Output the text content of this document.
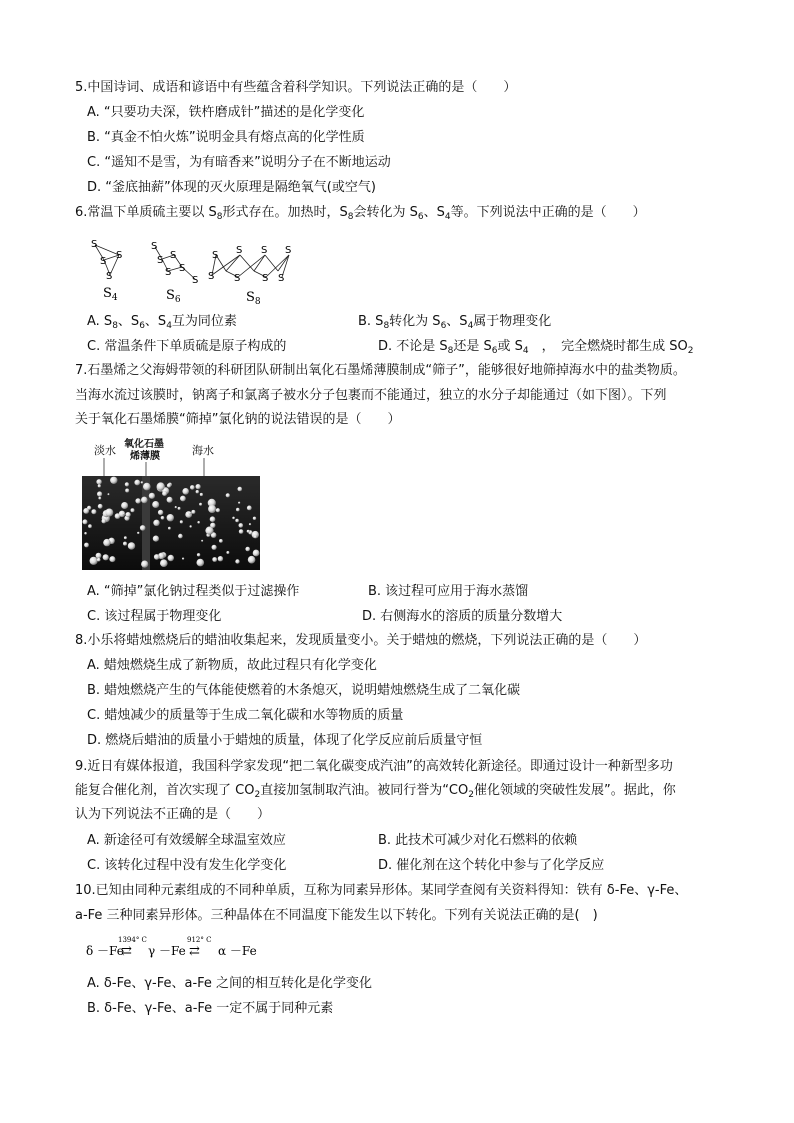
5.中国诗词、成语和谚语中有些蕴含着科学知识。下列说法正确的是（　　）
A. “只要功夫深，铁杵磨成针”描述的是化学变化
B. “真金不怕火炼”说明金具有熔点高的化学性质
C. “遥知不是雪，为有暗香来”说明分子在不断地运动
D. “釜底抽薪”体现的灭火原理是隔绝氧气(或空气)
6.常温下单质硫主要以 $S_8$形式存在。加热时，$S_8$会转化为 $S_6$、$S_4$等。下列说法中正确的是（　　）
S
S
S
S
$S_4$
S
S S
S S
S
$S_6$
S
S
S
S
S
S
S
S
$S_8$
A. $S_8$、$S_6$、$S_4$互为同位素	B. $S_8$转化为 $S_6$、$S_4$属于物理变化
C. 常温条件下单质硫是原子构成的	D. 不论是 $S_8$还是 $S_6$或 $S_4$　，　完全燃烧时都生成 $SO_2$
7.石墨烯之父海姆带领的科研团队研制出氧化石墨烯薄膜制成“筛子”，能够很好地筛掉海水中的盐类物质。
当海水流过该膜时，钠离子和氯离子被水分子包裹而不能通过，独立的水分子却能通过（如下图）。下列
关于氧化石墨烯膜“筛掉”氯化钠的说法错误的是（　　）
淡水 氧化石墨
烯薄膜	海水
A. “筛掉”氯化钠过程类似于过滤操作	B. 该过程可应用于海水蒸馏
C. 该过程属于物理变化	D. 右侧海水的溶质的质量分数增大
8.小乐将蜡烛燃烧后的蜡油收集起来，发现质量变小。关于蜡烛的燃烧，下列说法正确的是（　　）
A. 蜡烛燃烧生成了新物质，故此过程只有化学变化
B. 蜡烛燃烧产生的气体能使燃着的木条熄灭，说明蜡烛燃烧生成了二氧化碳
C. 蜡烛减少的质量等于生成二氧化碳和水等物质的质量
D. 燃烧后蜡油的质量小于蜡烛的质量，体现了化学反应前后质量守恒
9.近日有媒体报道，我国科学家发现“把二氧化碳变成汽油”的高效转化新途径。即通过设计一种新型多功
能复合催化剂，首次实现了 $CO_2$直接加氢制取汽油。被同行誉为“$CO_2$催化领域的突破性发展”。据此，你
认为下列说法不正确的是（　　）
A. 新途径可有效缓解全球温室效应	B. 此技术可减少对化石燃料的依赖
C. 该转化过程中没有发生化学变化	D. 催化剂在这个转化中参与了化学反应
10.已知由同种元素组成的不同种单质，互称为同素异形体。某同学查阅有关资料得知：铁有 δ-Fe、γ-Fe、
a-Fe 三种同素异形体。三种晶体在不同温度下能发生以下转化。下列有关说法正确的是(　)
δ －Fe
1394° C
⇄ γ －Fe
912° C
⇄ α －Fe
A. δ-Fe、γ-Fe、a-Fe 之间的相互转化是化学变化
B. δ-Fe、γ-Fe、a-Fe 一定不属于同种元素
